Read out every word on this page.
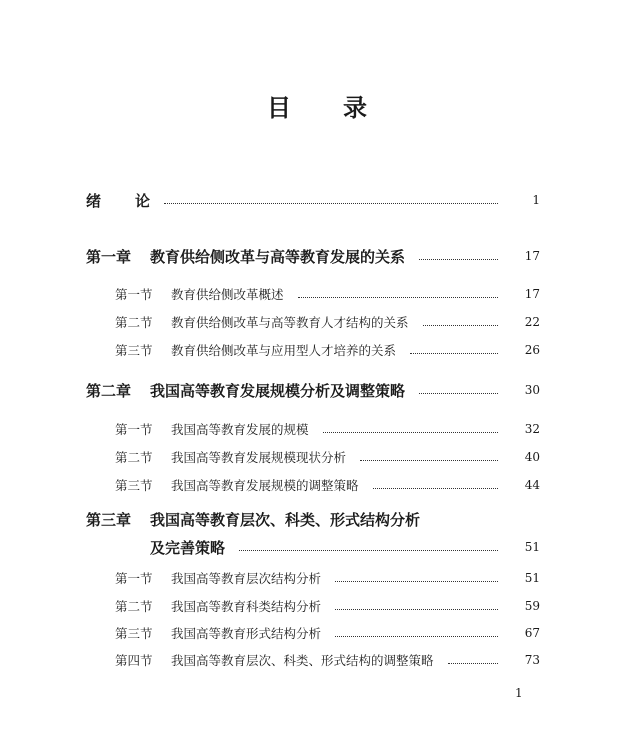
目录
绪论	1
第一章	教育供给侧改革与高等教育发展的关系	17
第一节	教育供给侧改革概述	17
第二节	教育供给侧改革与高等教育人才结构的关系	22
第三节	教育供给侧改革与应用型人才培养的关系	26
第二章	我国高等教育发展规模分析及调整策略	30
第一节	我国高等教育发展的规模	32
第二节	我国高等教育发展规模现状分析	40
第三节	我国高等教育发展规模的调整策略	44
第三章	我国高等教育层次、科类、形式结构分析
及完善策略	51
第一节	我国高等教育层次结构分析	51
第二节	我国高等教育科类结构分析	59
第三节	我国高等教育形式结构分析	67
第四节	我国高等教育层次、科类、形式结构的调整策略	73
1
